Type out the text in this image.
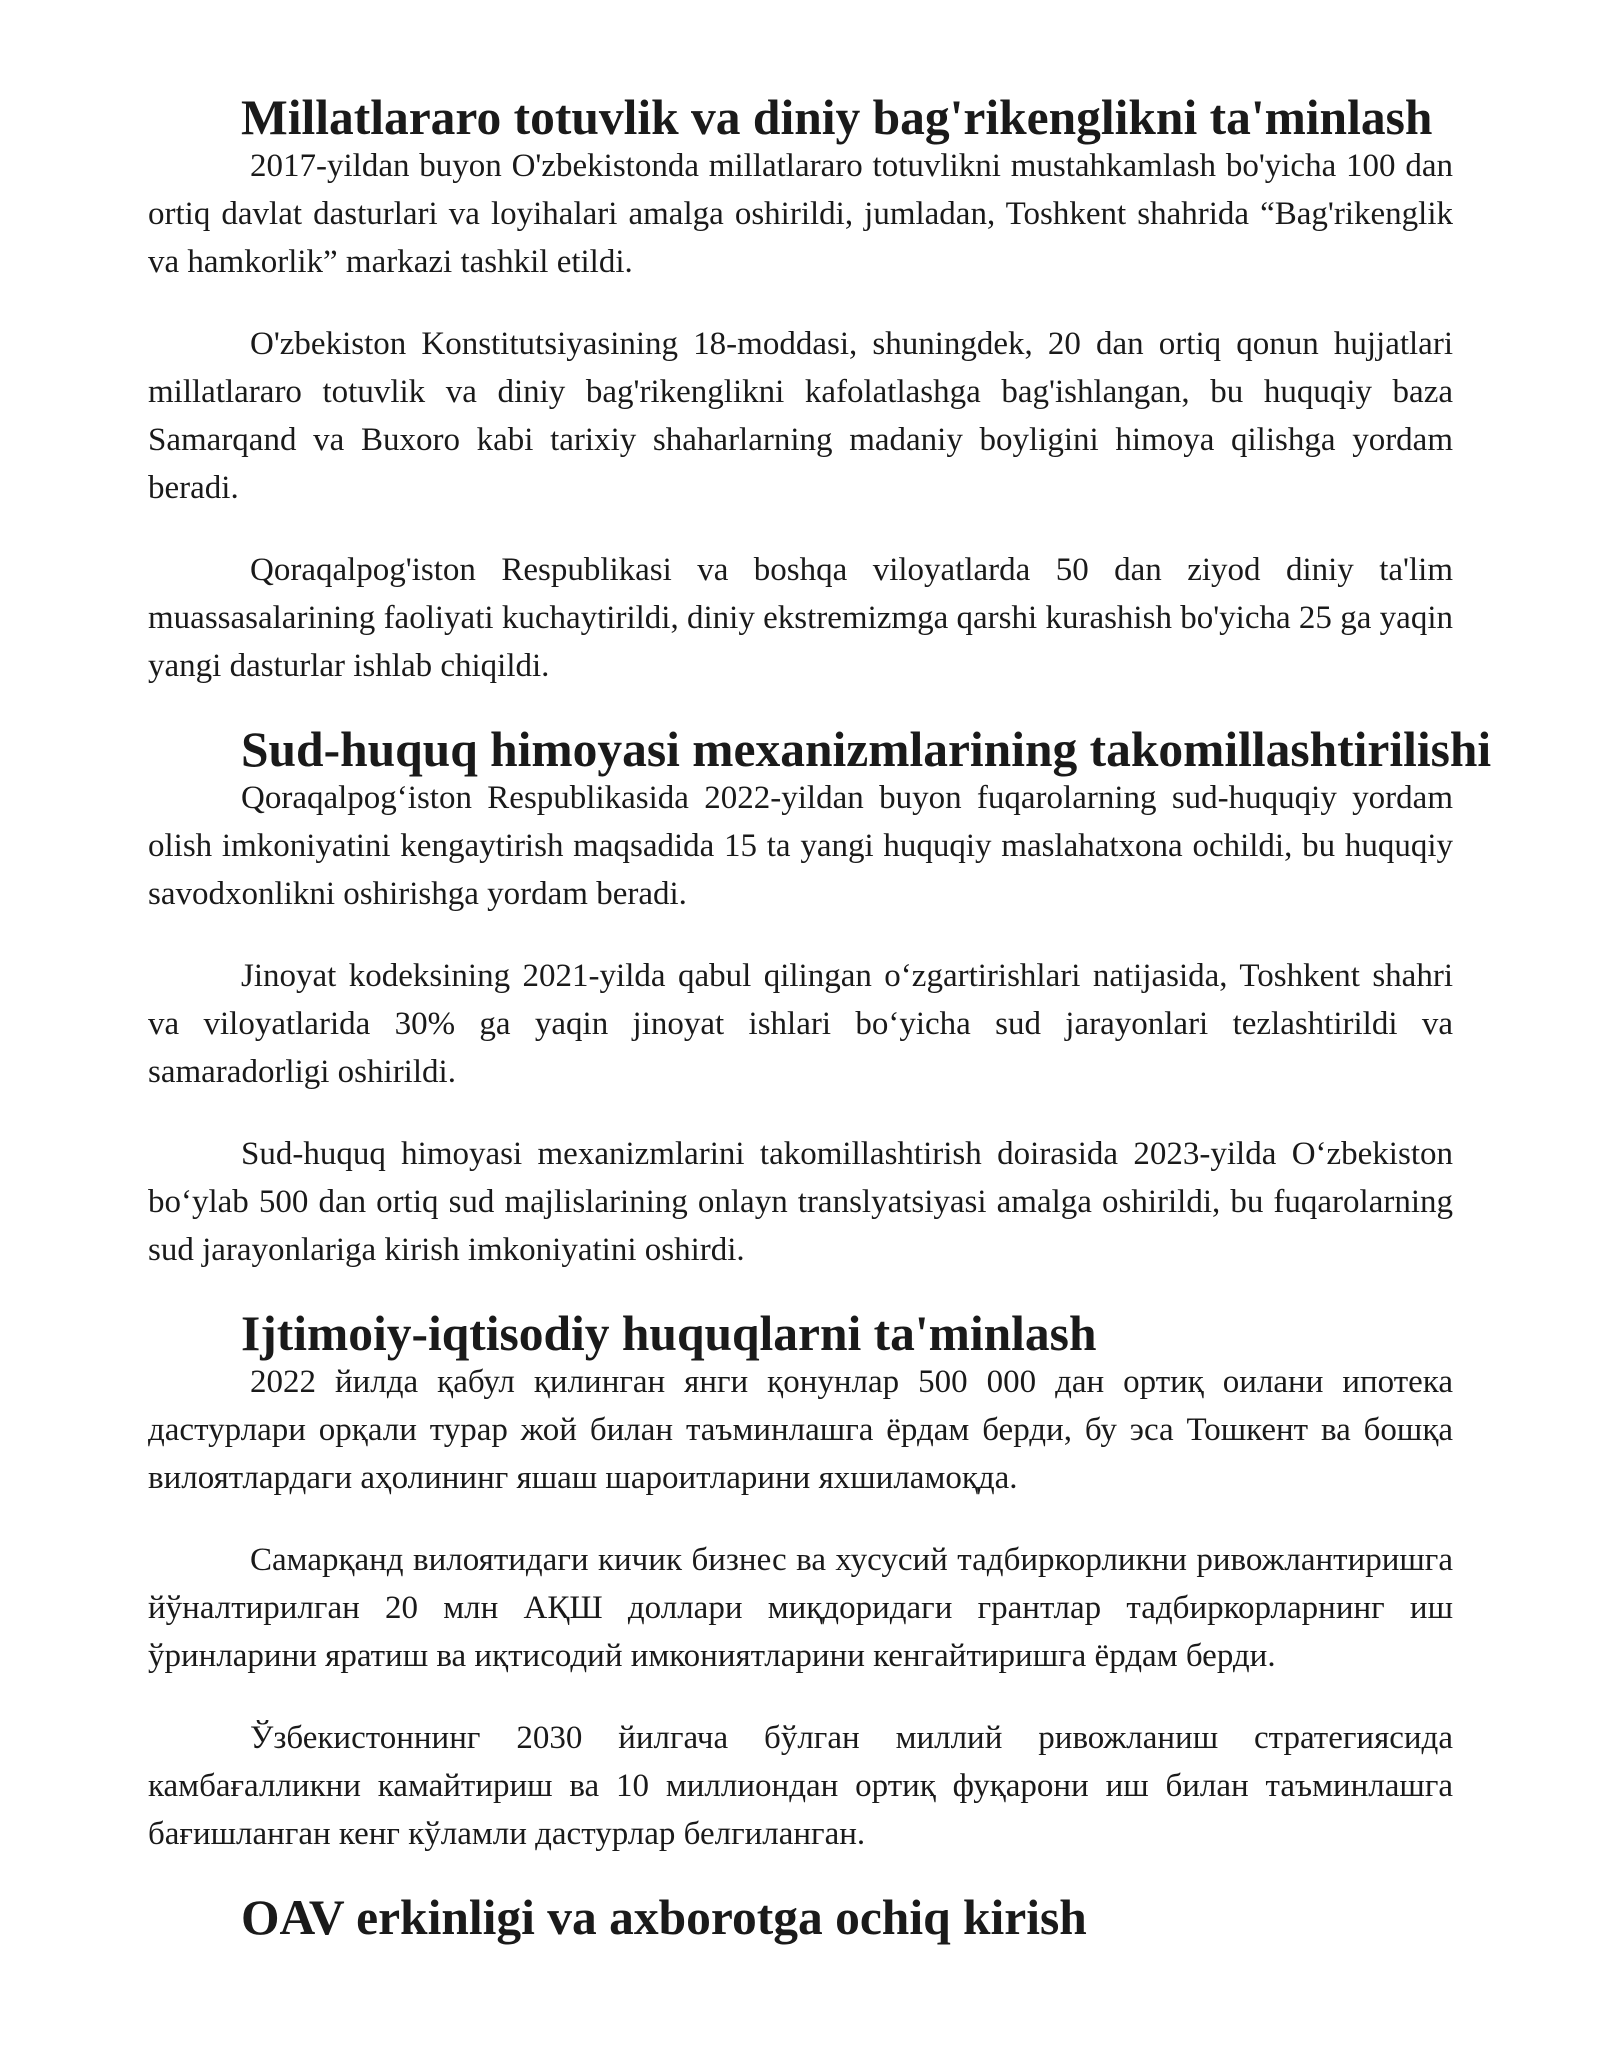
Millatlararo totuvlik va diniy bag'rikenglikni ta'minlash

2017-yildan buyon O'zbekistonda millatlararo totuvlikni mustahkamlash bo'yicha 100 dan ortiq davlat dasturlari va loyihalari amalga oshirildi, jumladan, Toshkent shahrida “Bag'rikenglik va hamkorlik” markazi tashkil etildi.

O'zbekiston Konstitutsiyasining 18-moddasi, shuningdek, 20 dan ortiq qonun hujjatlari millatlararo totuvlik va diniy bag'rikenglikni kafolatlashga bag'ishlangan, bu huquqiy baza Samarqand va Buxoro kabi tarixiy shaharlarning madaniy boyligini himoya qilishga yordam beradi.

Qoraqalpog'iston Respublikasi va boshqa viloyatlarda 50 dan ziyod diniy ta'lim muassasalarining faoliyati kuchaytirildi, diniy ekstremizmga qarshi kurashish bo'yicha 25 ga yaqin yangi dasturlar ishlab chiqildi.

Sud-huquq himoyasi mexanizmlarining takomillashtirilishi

Qoraqalpog‘iston Respublikasida 2022-yildan buyon fuqarolarning sud-huquqiy yordam olish imkoniyatini kengaytirish maqsadida 15 ta yangi huquqiy maslahatxona ochildi, bu huquqiy savodxonlikni oshirishga yordam beradi.

Jinoyat kodeksining 2021-yilda qabul qilingan o‘zgartirishlari natijasida, Toshkent shahri va viloyatlarida 30% ga yaqin jinoyat ishlari bo‘yicha sud jarayonlari tezlashtirildi va samaradorligi oshirildi.

Sud-huquq himoyasi mexanizmlarini takomillashtirish doirasida 2023-yilda O‘zbekiston bo‘ylab 500 dan ortiq sud majlislarining onlayn translyatsiyasi amalga oshirildi, bu fuqarolarning sud jarayonlariga kirish imkoniyatini oshirdi.

Ijtimoiy-iqtisodiy huquqlarni ta'minlash

2022 йилда қабул қилинган янги қонунлар 500 000 дан ортиқ оилани ипотека дастурлари орқали турар жой билан таъминлашга ёрдам берди, бу эса Тошкент ва бошқа вилоятлардаги аҳолининг яшаш шароитларини яхшиламоқда.

Самарқанд вилоятидаги кичик бизнес ва хусусий тадбиркорликни ривожлантиришга йўналтирилган 20 млн АҚШ доллари миқдоридаги грантлар тадбиркорларнинг иш ўринларини яратиш ва иқтисодий имкониятларини кенгайтиришга ёрдам берди.

Ўзбекистоннинг 2030 йилгача бўлган миллий ривожланиш стратегиясида камбағалликни камайтириш ва 10 миллиондан ортиқ фуқарони иш билан таъминлашга бағишланган кенг кўламли дастурлар белгиланган.

OAV erkinligi va axborotga ochiq kirish
